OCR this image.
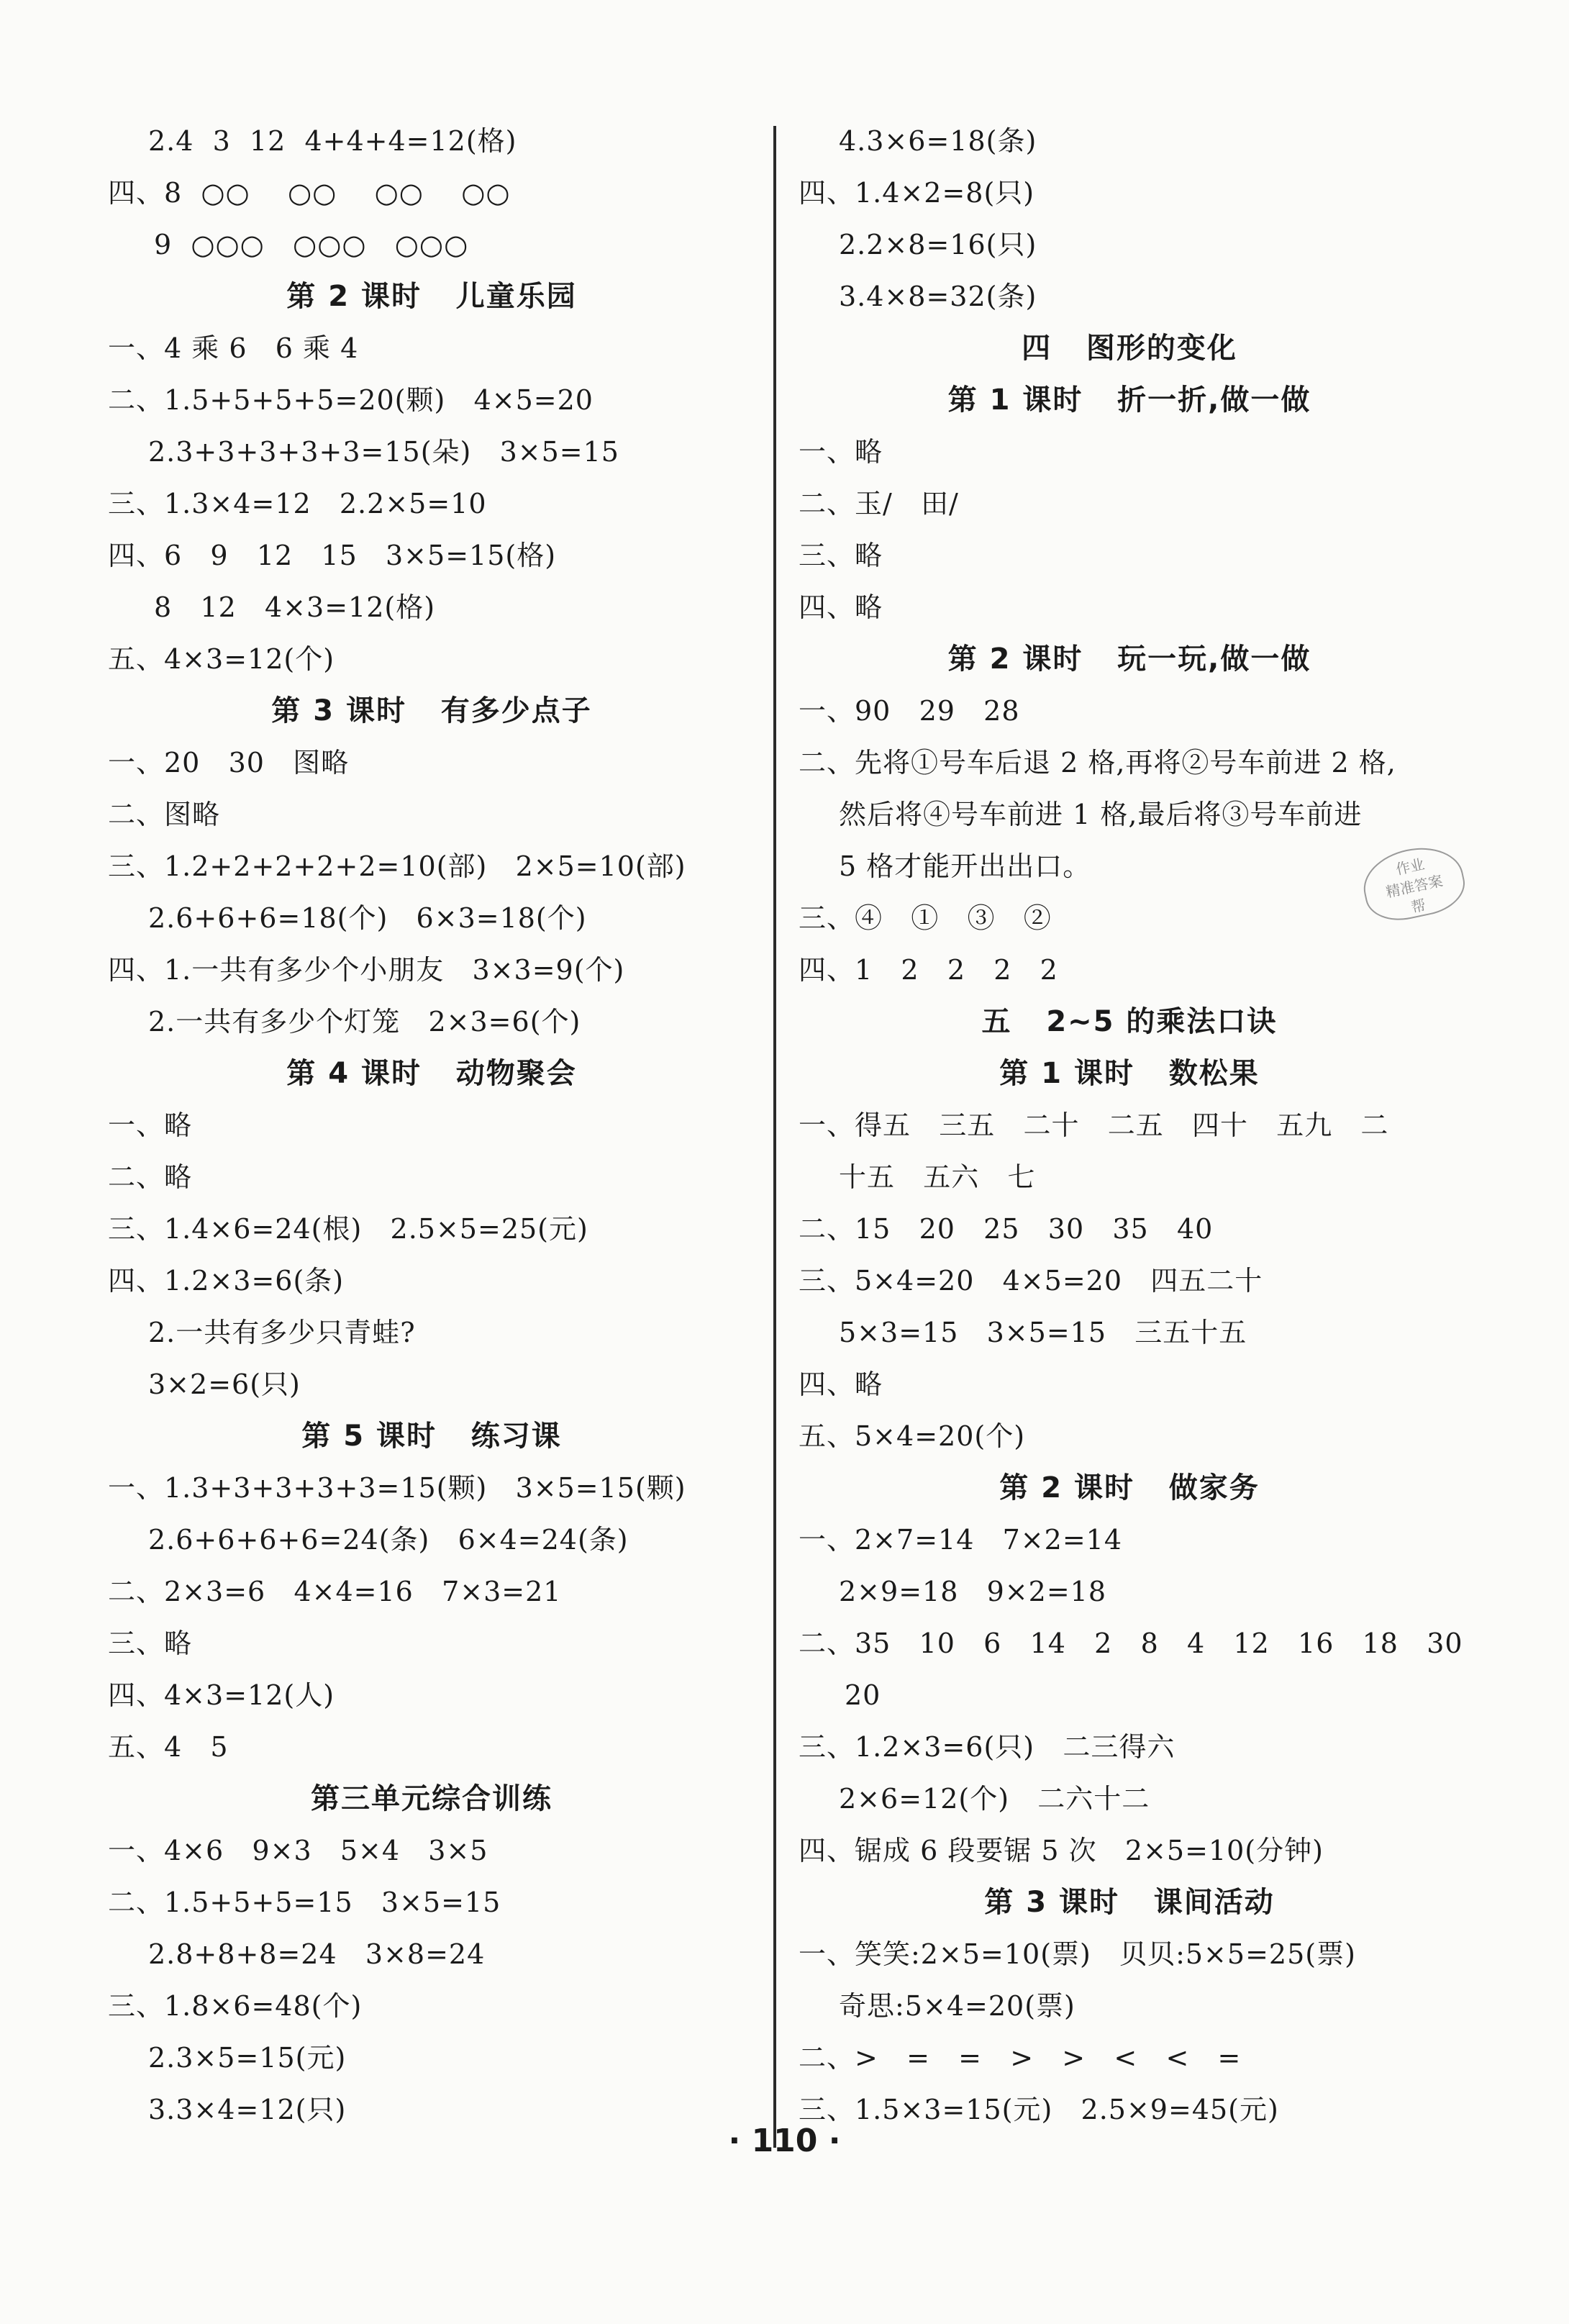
2.4  3  12  4+4+4=12(格)
四、8  ○○    ○○    ○○    ○○
9  ○○○   ○○○   ○○○
第 2 课时   儿童乐园
一、4 乘 6   6 乘 4
二、1.5+5+5+5=20(颗)   4×5=20
2.3+3+3+3+3=15(朵)   3×5=15
三、1.3×4=12   2.2×5=10
四、6   9   12   15   3×5=15(格)
8   12   4×3=12(格)
五、4×3=12(个)
第 3 课时   有多少点子
一、20   30   图略
二、图略
三、1.2+2+2+2+2=10(部)   2×5=10(部)
2.6+6+6=18(个)   6×3=18(个)
四、1.一共有多少个小朋友   3×3=9(个)
2.一共有多少个灯笼   2×3=6(个)
第 4 课时   动物聚会
一、略
二、略
三、1.4×6=24(根)   2.5×5=25(元)
四、1.2×3=6(条)
2.一共有多少只青蛙?
3×2=6(只)
第 5 课时   练习课
一、1.3+3+3+3+3=15(颗)   3×5=15(颗)
2.6+6+6+6=24(条)   6×4=24(条)
二、2×3=6   4×4=16   7×3=21
三、略
四、4×3=12(人)
五、4   5
第三单元综合训练
一、4×6   9×3   5×4   3×5
二、1.5+5+5=15   3×5=15
2.8+8+8=24   3×8=24
三、1.8×6=48(个)
2.3×5=15(元)
3.3×4=12(只)
4.3×6=18(条)
四、1.4×2=8(只)
2.2×8=16(只)
3.4×8=32(条)
四   图形的变化
第 1 课时   折一折,做一做
一、略
二、玉/   田/
三、略
四、略
第 2 课时   玩一玩,做一做
一、90   29   28
二、先将①号车后退 2 格,再将②号车前进 2 格,
然后将④号车前进 1 格,最后将③号车前进
5 格才能开出出口。
三、④   ①   ③   ②
四、1   2   2   2   2
五   2~5 的乘法口诀
第 1 课时   数松果
一、得五   三五   二十   二五   四十   五九   二
十五   五六   七
二、15   20   25   30   35   40
三、5×4=20   4×5=20   四五二十
5×3=15   3×5=15   三五十五
四、略
五、5×4=20(个)
第 2 课时   做家务
一、2×7=14   7×2=14
2×9=18   9×2=18
二、35   10   6   14   2   8   4   12   16   18   30
20
三、1.2×3=6(只)   二三得六
2×6=12(个)   二六十二
四、锯成 6 段要锯 5 次   2×5=10(分钟)
第 3 课时   课间活动
一、笑笑:2×5=10(票)   贝贝:5×5=25(票)
奇思:5×4=20(票)
二、>   =   =   >   >   <   <   =
三、1.5×3=15(元)   2.5×9=45(元)
作业
精准答案
帮
· 110 ·
